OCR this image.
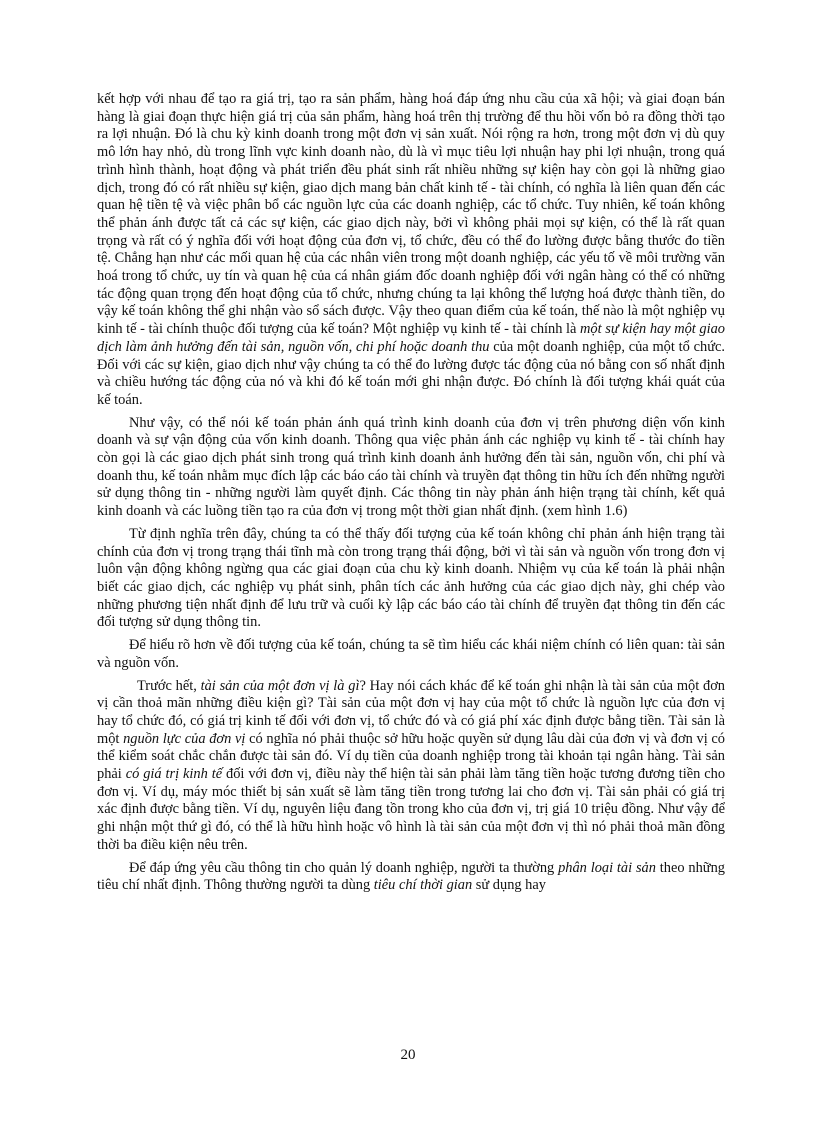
kết hợp với nhau để tạo ra giá trị, tạo ra sản phẩm, hàng hoá đáp ứng nhu cầu của xã hội; và giai đoạn bán hàng là giai đoạn thực hiện giá trị của sản phẩm, hàng hoá trên thị trường để thu hồi vốn bỏ ra đồng thời tạo ra lợi nhuận. Đó là chu kỳ kinh doanh trong một đơn vị sản xuất. Nói rộng ra hơn, trong một đơn vị dù quy mô lớn hay nhỏ, dù trong lĩnh vực kinh doanh nào, dù là vì mục tiêu lợi nhuận hay phi lợi nhuận, trong quá trình hình thành, hoạt động và phát triển đều phát sinh rất nhiều những sự kiện hay còn gọi là những giao dịch, trong đó có rất nhiều sự kiện, giao dịch mang bản chất kinh tế - tài chính, có nghĩa là liên quan đến các quan hệ tiền tệ và việc phân bổ các nguồn lực của các doanh nghiệp, các tổ chức. Tuy nhiên, kế toán không thể phản ánh được tất cả các sự kiện, các giao dịch này, bởi vì không phải mọi sự kiện, có thể là rất quan trọng và rất có ý nghĩa đối với hoạt động của đơn vị, tổ chức, đều có thể đo lường được bằng thước đo tiền tệ. Chẳng hạn như các mối quan hệ của các nhân viên trong một doanh nghiệp, các yếu tố về môi trường văn hoá trong tổ chức, uy tín và quan hệ của cá nhân giám đốc doanh nghiệp đối với ngân hàng có thể có những tác động quan trọng đến hoạt động của tổ chức, nhưng chúng ta lại không thể lượng hoá được thành tiền, do vậy kế toán không thể ghi nhận vào sổ sách được. Vậy theo quan điểm của kế toán, thế nào là một nghiệp vụ kinh tế - tài chính thuộc đối tượng của kế toán? Một nghiệp vụ kinh tế - tài chính là một sự kiện hay một giao dịch làm ảnh hưởng đến tài sản, nguồn vốn, chi phí hoặc doanh thu của một doanh nghiệp, của một tổ chức. Đối với các sự kiện, giao dịch như vậy chúng ta có thể đo lường được tác động của nó bằng con số nhất định và chiều hướng tác động của nó và khi đó kế toán mới ghi nhận được. Đó chính là đối tượng khái quát của kế toán.

Như vậy, có thể nói kế toán phản ánh quá trình kinh doanh của đơn vị trên phương diện vốn kinh doanh và sự vận động của vốn kinh doanh. Thông qua việc phản ánh các nghiệp vụ kinh tế - tài chính hay còn gọi là các giao dịch phát sinh trong quá trình kinh doanh ảnh hưởng đến tài sản, nguồn vốn, chi phí và doanh thu, kế toán nhằm mục đích lập các báo cáo tài chính và truyền đạt thông tin hữu ích đến những người sử dụng thông tin - những người làm quyết định. Các thông tin này phản ánh hiện trạng tài chính, kết quả kinh doanh và các luồng tiền tạo ra của đơn vị trong một thời gian nhất định. (xem hình 1.6)

Từ định nghĩa trên đây, chúng ta có thể thấy đối tượng của kế toán không chỉ phản ánh hiện trạng tài chính của đơn vị trong trạng thái tĩnh mà còn trong trạng thái động, bởi vì tài sản và nguồn vốn trong đơn vị luôn vận động không ngừng qua các giai đoạn của chu kỳ kinh doanh. Nhiệm vụ của kế toán là phải nhận biết các giao dịch, các nghiệp vụ phát sinh, phân tích các ảnh hưởng của các giao dịch này, ghi chép vào những phương tiện nhất định để lưu trữ và cuối kỳ lập các báo cáo tài chính để truyền đạt thông tin đến các đối tượng sử dụng thông tin.

Để hiểu rõ hơn về đối tượng của kế toán, chúng ta sẽ tìm hiểu các khái niệm chính có liên quan: tài sản và nguồn vốn.

Trước hết, tài sản của một đơn vị là gì? Hay nói cách khác để kế toán ghi nhận là tài sản của một đơn vị cần thoả mãn những điều kiện gì? Tài sản của một đơn vị hay của một tổ chức là nguồn lực của đơn vị hay tổ chức đó, có giá trị kinh tế đối với đơn vị, tổ chức đó và có giá phí xác định được bằng tiền. Tài sản là một nguồn lực của đơn vị có nghĩa nó phải thuộc sở hữu hoặc quyền sử dụng lâu dài của đơn vị và đơn vị có thể kiểm soát chắc chắn được tài sản đó. Ví dụ tiền của doanh nghiệp trong tài khoản tại ngân hàng. Tài sản phải có giá trị kinh tế đối với đơn vị, điều này thể hiện tài sản phải làm tăng tiền hoặc tương đương tiền cho đơn vị. Ví dụ, máy móc thiết bị sản xuất sẽ làm tăng tiền trong tương lai cho đơn vị. Tài sản phải có giá trị xác định được bằng tiền. Ví dụ, nguyên liệu đang tồn trong kho của đơn vị, trị giá 10 triệu đồng. Như vậy để ghi nhận một thứ gì đó, có thể là hữu hình hoặc vô hình là tài sản của một đơn vị thì nó phải thoả mãn đồng thời ba điều kiện nêu trên.

Để đáp ứng yêu cầu thông tin cho quản lý doanh nghiệp, người ta thường phân loại tài sản theo những tiêu chí nhất định. Thông thường người ta dùng tiêu chí thời gian sử dụng hay

20
